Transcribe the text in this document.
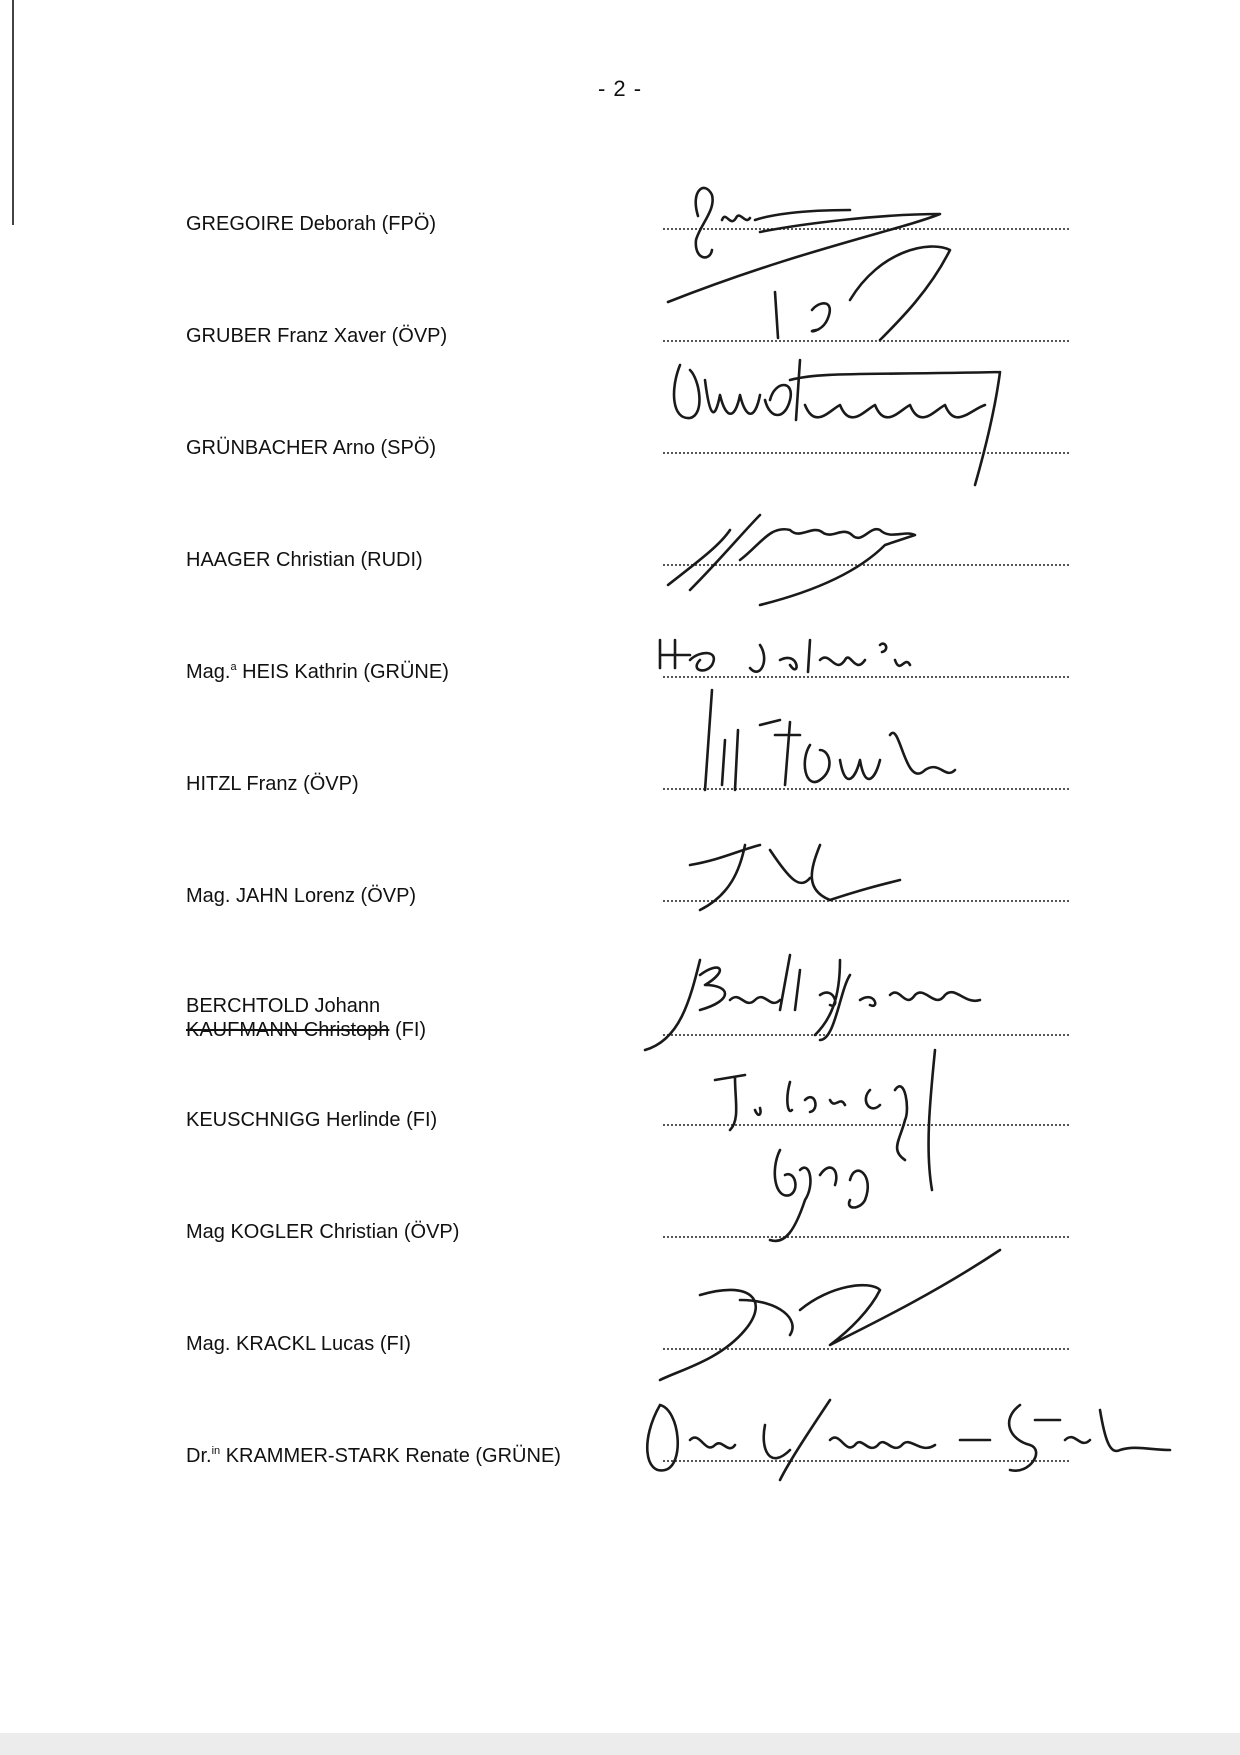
- 2 -
GREGOIRE Deborah (FPÖ)
GRUBER Franz Xaver (ÖVP)
GRÜNBACHER Arno (SPÖ)
HAAGER Christian (RUDI)
Mag.$^a$ HEIS Kathrin (GRÜNE)
HITZL Franz (ÖVP)
Mag. JAHN Lorenz (ÖVP)
BERCHTOLD Johann
KAUFMANN Christoph (FI)
KEUSCHNIGG Herlinde (FI)
Mag KOGLER Christian (ÖVP)
Mag. KRACKL Lucas (FI)
Dr.$^{in}$ KRAMMER-STARK Renate (GRÜNE)
